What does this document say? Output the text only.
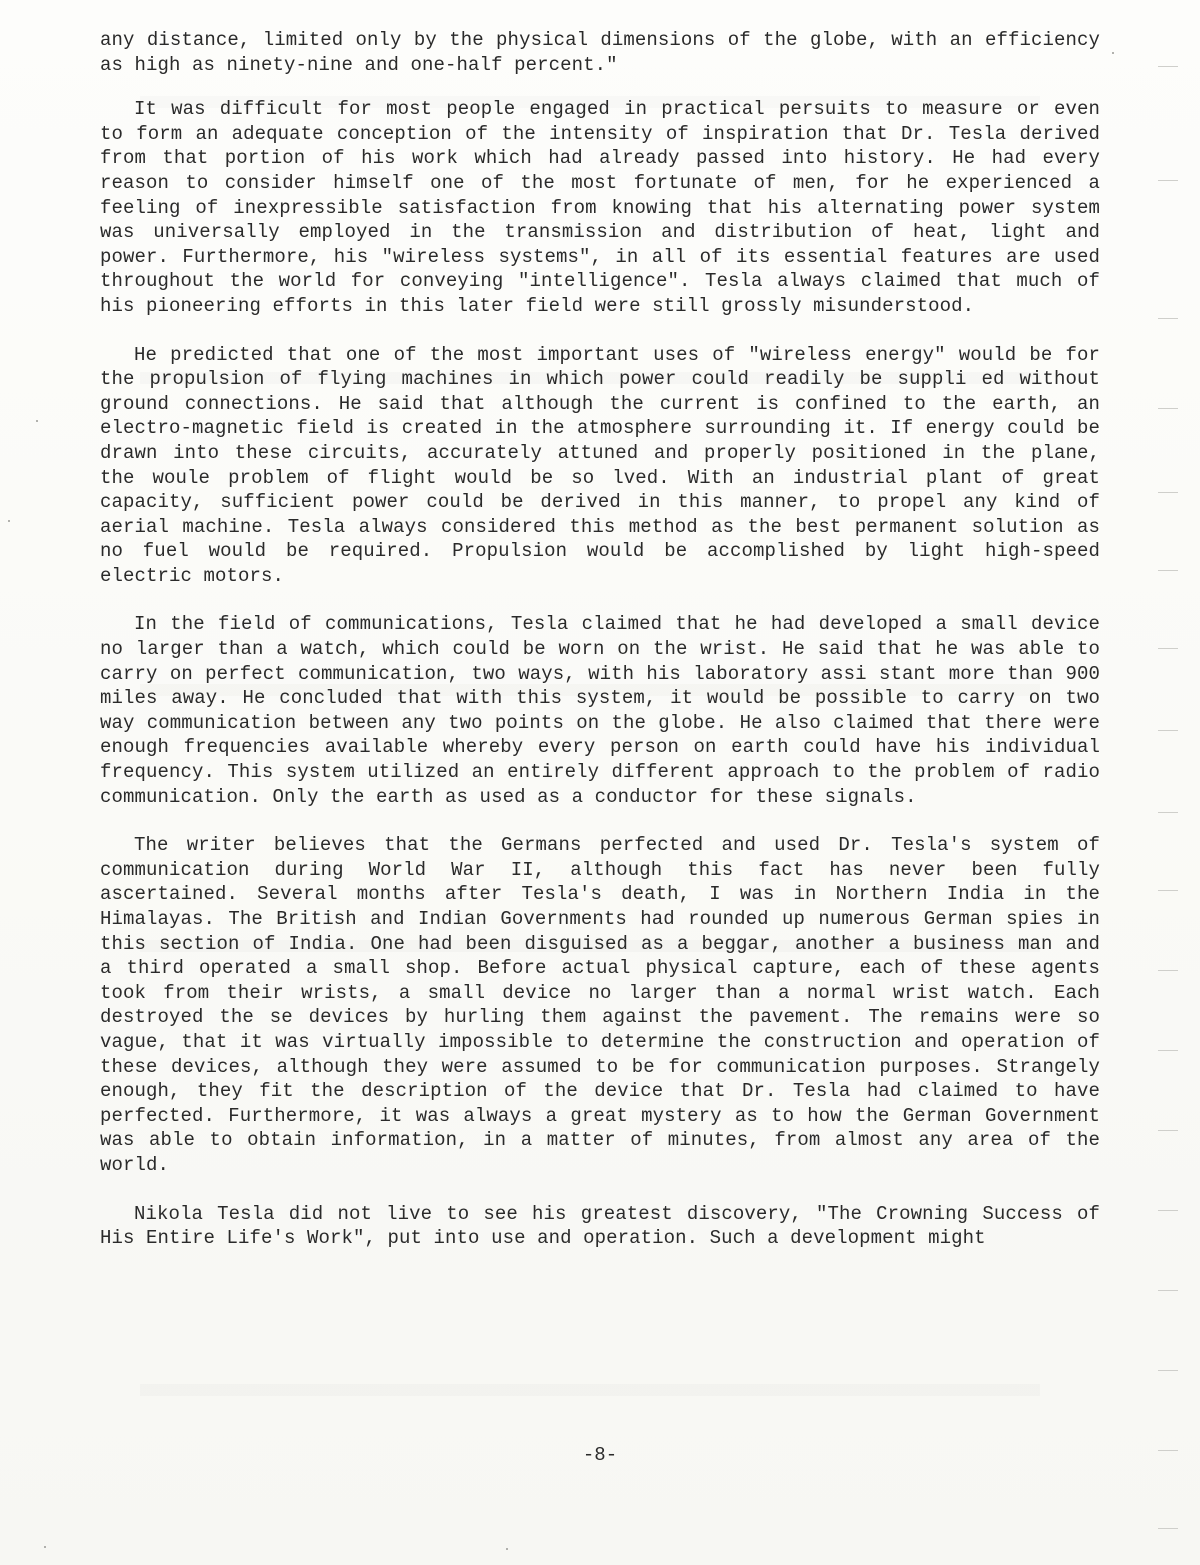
any distance, limited only by the physical dimensions of the globe, with an efficiency as high as ninety-nine and one-half percent."

It was difficult for most people engaged in practical persuits to measure or even to form an adequate conception of the intensity of inspiration that Dr. Tesla derived from that portion of his work which had already passed into history. He had every reason to consider himself one of the most fortunate of men, for he experienced a feeling of inexpressible satisfaction from knowing that his alternating power system was universally employed in the transmission and distribution of heat, light and power. Furthermore, his "wireless systems", in all of its essential features are used throughout the world for conveying "intelligence". Tesla always claimed that much of his pioneering efforts in this later field were still grossly misunderstood.

He predicted that one of the most important uses of "wireless energy" would be for the propulsion of flying machines in which power could readily be suppli ed without ground connections. He said that although the current is confined to the earth, an electro-magnetic field is created in the atmosphere surrounding it. If energy could be drawn into these circuits, accurately attuned and properly positioned in the plane, the woule problem of flight would be so lved. With an industrial plant of great capacity, sufficient power could be derived in this manner, to propel any kind of aerial machine. Tesla always considered this method as the best permanent solution as no fuel would be required. Propulsion would be accomplished by light high-speed electric motors.

In the field of communications, Tesla claimed that he had developed a small device no larger than a watch, which could be worn on the wrist. He said that he was able to carry on perfect communication, two ways, with his laboratory assi stant more than 900 miles away. He concluded that with this system, it would be possible to carry on two way communication between any two points on the globe. He also claimed that there were enough frequencies available whereby every person on earth could have his individual frequency. This system utilized an entirely different approach to the problem of radio communication. Only the earth as used as a conductor for these signals.

The writer believes that the Germans perfected and used Dr. Tesla's system of communication during World War II, although this fact has never been fully ascertained. Several months after Tesla's death, I was in Northern India in the Himalayas. The British and Indian Governments had rounded up numerous German spies in this section of India. One had been disguised as a beggar, another a business man and a third operated a small shop. Before actual physical capture, each of these agents took from their wrists, a small device no larger than a normal wrist watch. Each destroyed the se devices by hurling them against the pavement. The remains were so vague, that it was virtually impossible to determine the construction and operation of these devices, although they were assumed to be for communication purposes. Strangely enough, they fit the description of the device that Dr. Tesla had claimed to have perfected. Furthermore, it was always a great mystery as to how the German Government was able to obtain information, in a matter of minutes, from almost any area of the world.

Nikola Tesla did not live to see his greatest discovery, "The Crowning Success of His Entire Life's Work", put into use and operation. Such a development might

-8-
